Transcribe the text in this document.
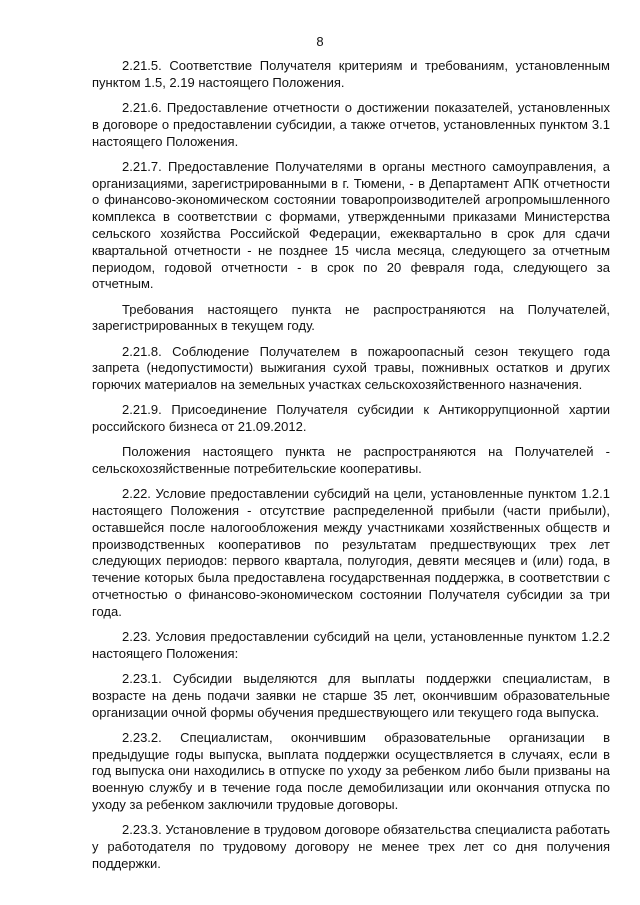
8

2.21.5. Соответствие Получателя критериям и требованиям, установленным пунктом 1.5, 2.19 настоящего Положения.

2.21.6. Предоставление отчетности о достижении показателей, установленных в договоре о предоставлении субсидии, а также отчетов, установленных пунктом 3.1 настоящего Положения.

2.21.7. Предоставление Получателями в органы местного самоуправления, а организациями, зарегистрированными в г. Тюмени, - в Департамент АПК отчетности о финансово-экономическом состоянии товаропроизводителей агропромышленного комплекса в соответствии с формами, утвержденными приказами Министерства сельского хозяйства Российской Федерации, ежеквартально в срок для сдачи квартальной отчетности - не позднее 15 числа месяца, следующего за отчетным периодом, годовой отчетности - в срок по 20 февраля года, следующего за отчетным.

Требования настоящего пункта не распространяются на Получателей, зарегистрированных в текущем году.

2.21.8. Соблюдение Получателем в пожароопасный сезон текущего года запрета (недопустимости) выжигания сухой травы, пожнивных остатков и других горючих материалов на земельных участках сельскохозяйственного назначения.

2.21.9. Присоединение Получателя субсидии к Антикоррупционной хартии российского бизнеса от 21.09.2012.

Положения настоящего пункта не распространяются на Получателей - сельскохозяйственные потребительские кооперативы.

2.22. Условие предоставлении субсидий на цели, установленные пунктом 1.2.1 настоящего Положения - отсутствие распределенной прибыли (части прибыли), оставшейся после налогообложения между участниками хозяйственных обществ и производственных кооперативов по результатам предшествующих трех лет следующих периодов: первого квартала, полугодия, девяти месяцев и (или) года, в течение которых была предоставлена государственная поддержка, в соответствии с отчетностью о финансово-экономическом состоянии Получателя субсидии за три года.

2.23. Условия предоставлении субсидий на цели, установленные пунктом 1.2.2 настоящего Положения:

2.23.1. Субсидии выделяются для выплаты поддержки специалистам, в возрасте на день подачи заявки не старше 35 лет, окончившим образовательные организации очной формы обучения предшествующего или текущего года выпуска.

2.23.2. Специалистам, окончившим образовательные организации в предыдущие годы выпуска, выплата поддержки осуществляется в случаях, если в год выпуска они находились в отпуске по уходу за ребенком либо были призваны на военную службу и в течение года после демобилизации или окончания отпуска по уходу за ребенком заключили трудовые договоры.

2.23.3. Установление в трудовом договоре обязательства специалиста работать у работодателя по трудовому договору не менее трех лет со дня получения поддержки.
